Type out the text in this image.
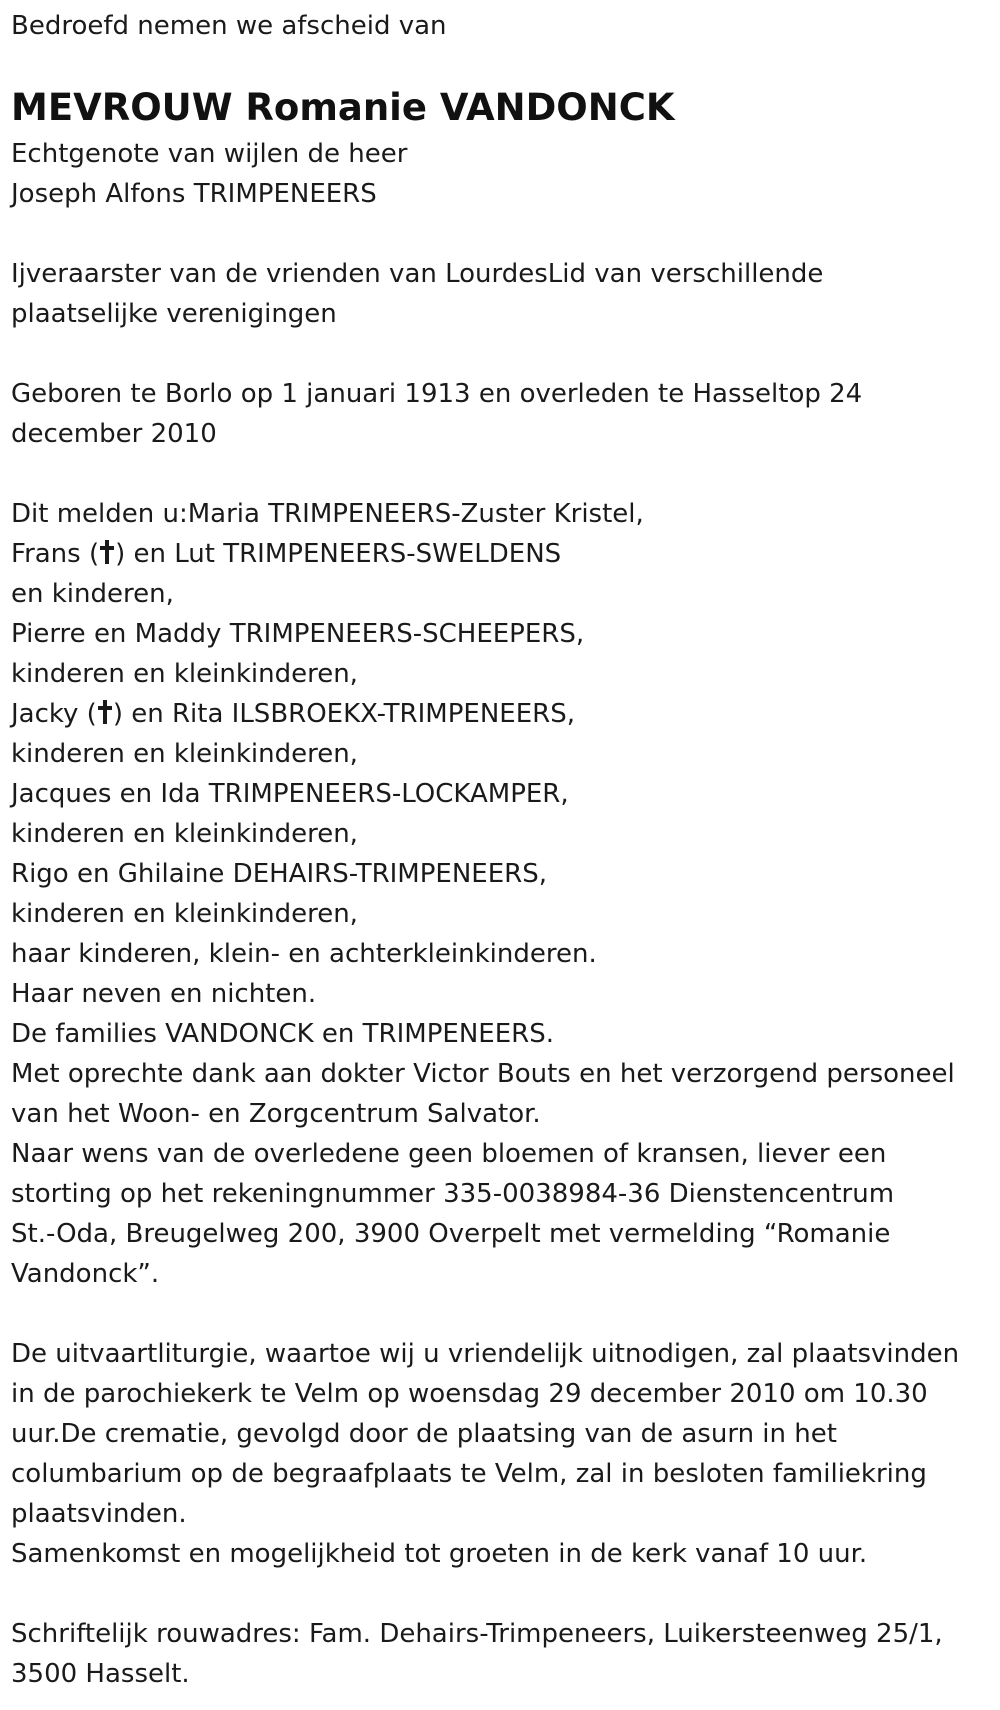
Bedroefd nemen we afscheid van
MEVROUW Romanie VANDONCK
Echtgenote van wijlen de heer
Joseph Alfons TRIMPENEERS
Ijveraarster van de vrienden van LourdesLid van verschillende
plaatselijke verenigingen
Geboren te Borlo op 1 januari 1913 en overleden te Hasseltop 24
december 2010
Dit melden u:Maria TRIMPENEERS-Zuster Kristel,
Frans ( ) en Lut TRIMPENEERS-SWELDENS
en kinderen,
Pierre en Maddy TRIMPENEERS-SCHEEPERS,
kinderen en kleinkinderen,
Jacky ( ) en Rita ILSBROEKX-TRIMPENEERS,
kinderen en kleinkinderen,
Jacques en Ida TRIMPENEERS-LOCKAMPER,
kinderen en kleinkinderen,
Rigo en Ghilaine DEHAIRS-TRIMPENEERS,
kinderen en kleinkinderen,
haar kinderen, klein- en achterkleinkinderen.
Haar neven en nichten.
De families VANDONCK en TRIMPENEERS.
Met oprechte dank aan dokter Victor Bouts en het verzorgend personeel
van het Woon- en Zorgcentrum Salvator.
Naar wens van de overledene geen bloemen of kransen, liever een
storting op het rekeningnummer 335-0038984-36 Dienstencentrum
St.-Oda, Breugelweg 200, 3900 Overpelt met vermelding “Romanie
Vandonck”.
De uitvaartliturgie, waartoe wij u vriendelijk uitnodigen, zal plaatsvinden
in de parochiekerk te Velm op woensdag 29 december 2010 om 10.30
uur.De crematie, gevolgd door de plaatsing van de asurn in het
columbarium op de begraafplaats te Velm, zal in besloten familiekring
plaatsvinden.
Samenkomst en mogelijkheid tot groeten in de kerk vanaf 10 uur.
Schriftelijk rouwadres: Fam. Dehairs-Trimpeneers, Luikersteenweg 25/1,
3500 Hasselt.
